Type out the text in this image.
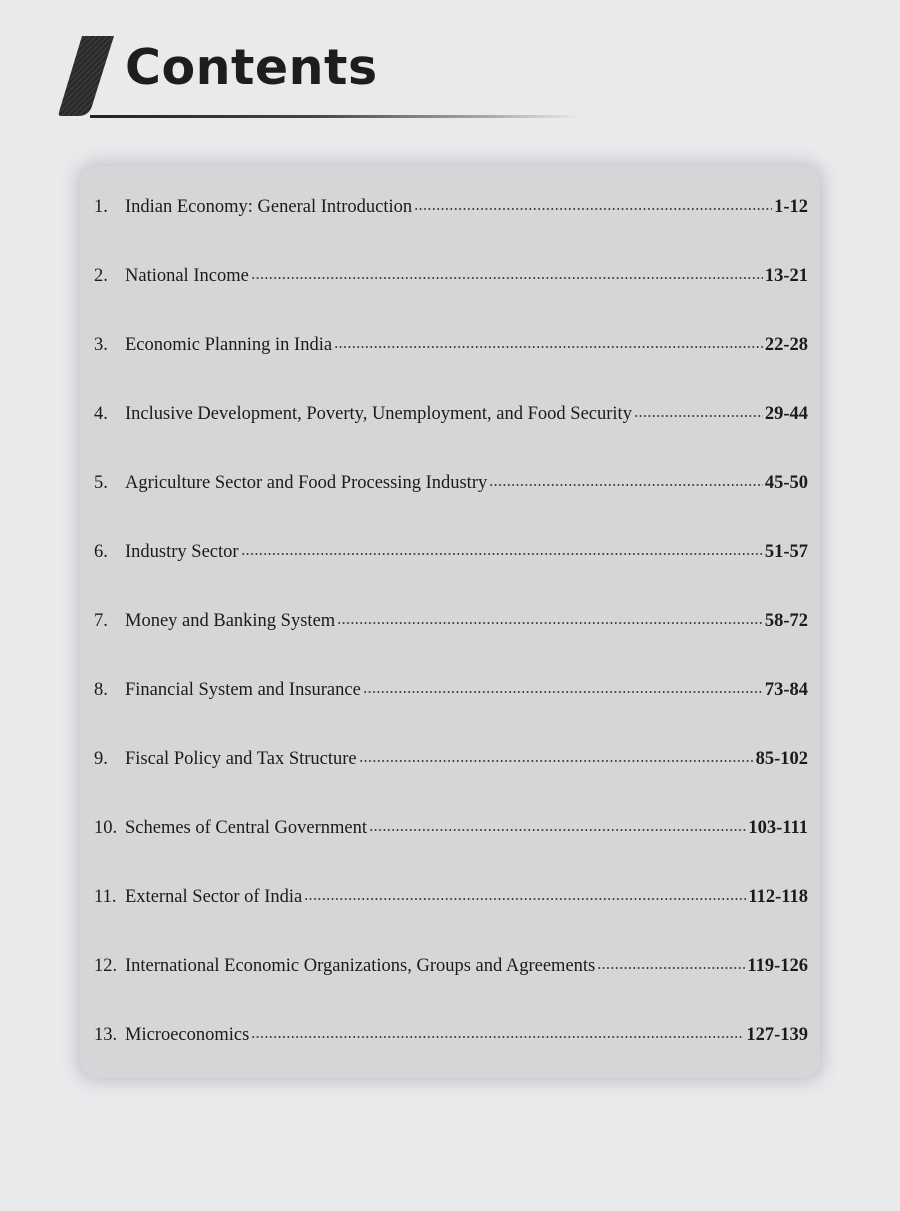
Contents
1. Indian Economy: General Introduction	1-12
2. National Income	13-21
3. Economic Planning in India	22-28
4. Inclusive Development, Poverty, Unemployment, and Food Security	29-44
5. Agriculture Sector and Food Processing Industry	45-50
6. Industry Sector	51-57
7. Money and Banking System	58-72
8. Financial System and Insurance	73-84
9. Fiscal Policy and Tax Structure	85-102
10. Schemes of Central Government	103-111
11. External Sector of India	112-118
12. International Economic Organizations, Groups and Agreements	119-126
13. Microeconomics	127-139
